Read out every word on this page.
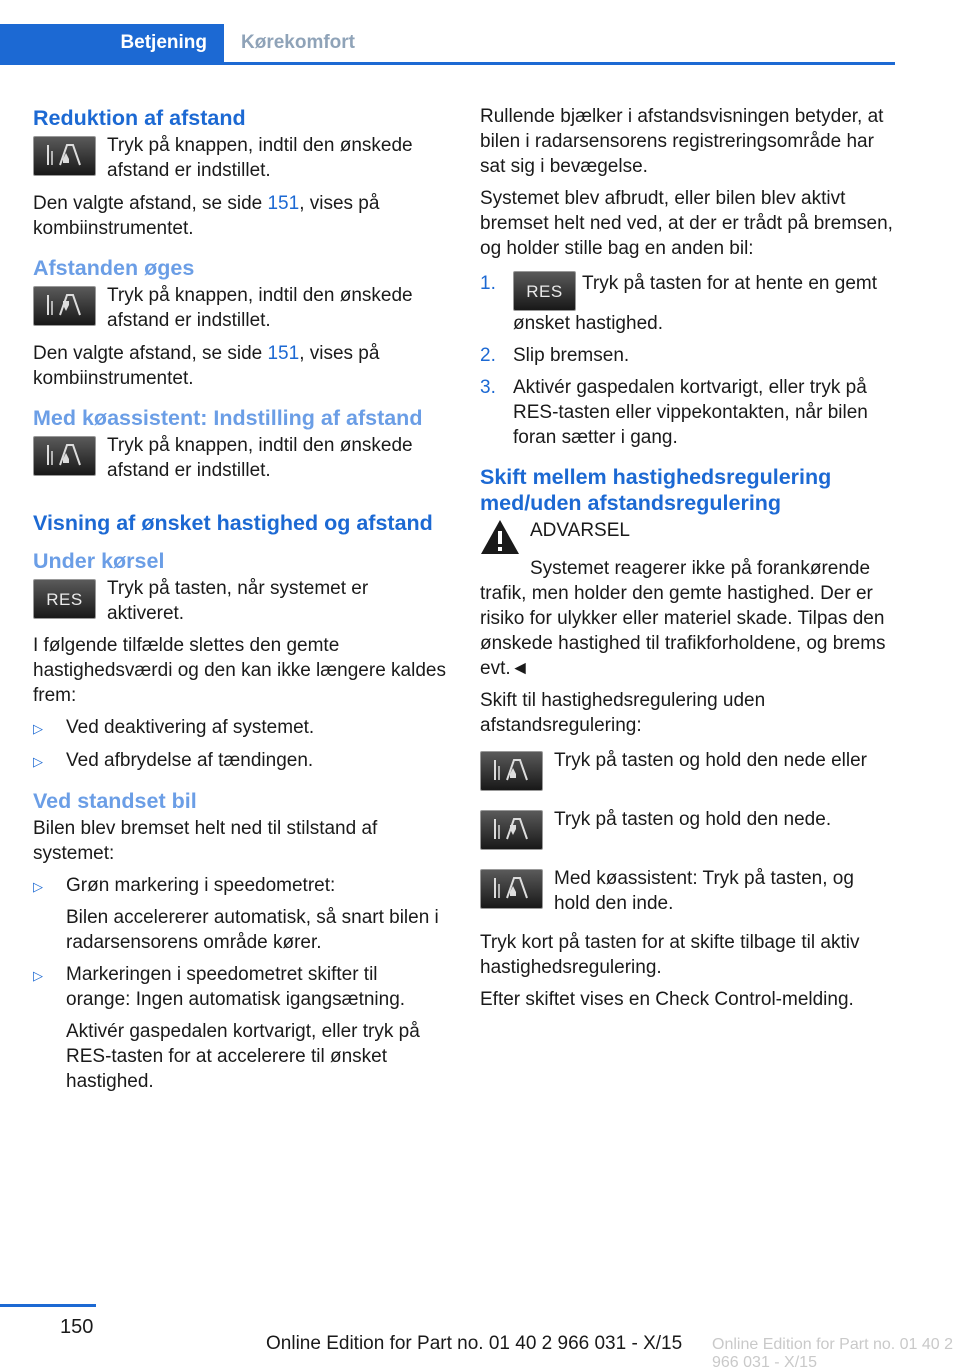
Betjening	Kørekomfort
Reduktion af afstand

Tryk på knappen, indtil den ønskede afstand er indstillet.

Den valgte afstand, se side 151, vises på kombiinstrumentet.

Afstanden øges

Tryk på knappen, indtil den ønskede afstand er indstillet.

Den valgte afstand, se side 151, vises på kombiinstrumentet.

Med køassistent: Indstilling af afstand

Tryk på knappen, indtil den ønskede afstand er indstillet.

Visning af ønsket hastighed og afstand
Under kørsel
RES Tryk på tasten, når systemet er aktiveret.

I følgende tilfælde slettes den gemte hastighedsværdi og den kan ikke længere kaldes frem:

▷	Ved deaktivering af systemet.
▷	Ved afbrydelse af tændingen.
Ved standset bil

Bilen blev bremset helt ned til stilstand af systemet:

▷	Grøn markering i speedometret:

Bilen accelererer automatisk, så snart bilen i radarsensorens område kører.

▷	Markeringen i speedometret skifter til orange: Ingen automatisk igangsætning.

Aktivér gaspedalen kortvarigt, eller tryk på RES-tasten for at accelerere til ønsket hastighed.

Rullende bjælker i afstandsvisningen betyder, at bilen i radarsensorens registreringsområde har sat sig i bevægelse.

Systemet blev afbrudt, eller bilen blev aktivt bremset helt ned ved, at der er trådt på bremsen, og holder stille bag en anden bil:

1.	RES Tryk på tasten for at hente en gemt ønsket hastighed.
2. Slip bremsen.
3. Aktivér gaspedalen kortvarigt, eller tryk på RES-tasten eller vippekontakten, når bilen foran sætter i gang.
Skift mellem hastighedsregulering med/uden afstandsregulering

ADVARSEL

Systemet reagerer ikke på forankørende trafik, men holder den gemte hastighed. Der er risiko for ulykker eller materiel skade. Tilpas den ønskede hastighed til trafikforholdene, og brems evt.◄

Skift til hastighedsregulering uden afstandsregulering:

Tryk på tasten og hold den nede eller

Tryk på tasten og hold den nede.

Med køassistent: Tryk på tasten, og hold den inde.

Tryk kort på tasten for at skifte tilbage til aktiv hastighedsregulering.

Efter skiftet vises en Check Control-melding.

150
Online Edition for Part no. 01 40 2 966 031 - X/15 Online Edition for Part no. 01 40 2 966 031 - X/15
